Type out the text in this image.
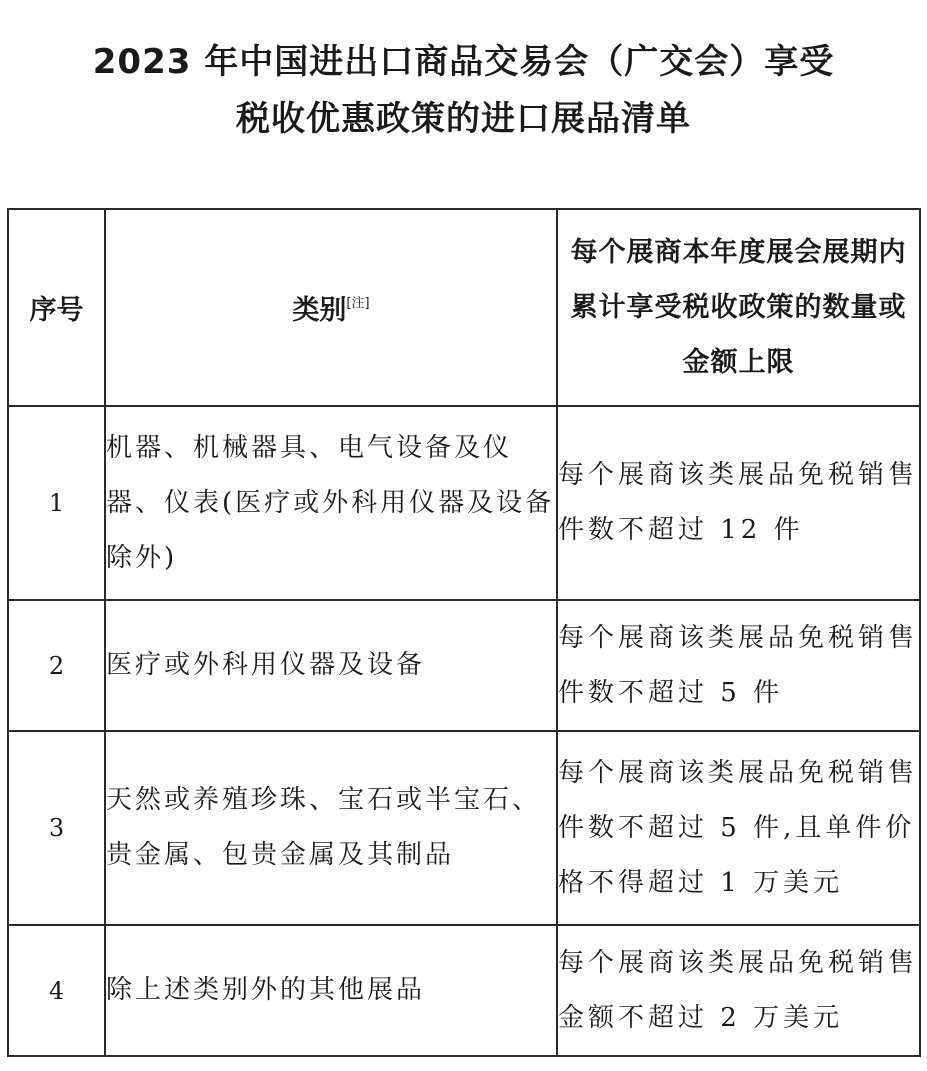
2023 年中国进出口商品交易会（广交会）享受
税收优惠政策的进口展品清单
序号	类别[注]	每个展商本年度展会展期内累计享受税收政策的数量或金额上限
1	机器、机械器具、电气设备及仪器、仪表(医疗或外科用仪器及设备除外)	每个展商该类展品免税销售件数不超过 12 件
2	医疗或外科用仪器及设备	每个展商该类展品免税销售件数不超过 5 件
3	天然或养殖珍珠、宝石或半宝石、贵金属、包贵金属及其制品	每个展商该类展品免税销售件数不超过 5 件,且单件价格不得超过 1 万美元
4	除上述类别外的其他展品	每个展商该类展品免税销售金额不超过 2 万美元
